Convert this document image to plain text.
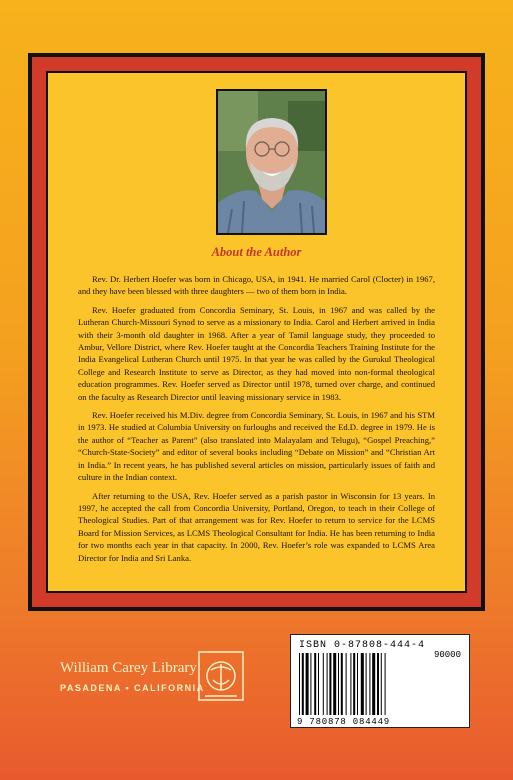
About the Author

Rev. Dr. Herbert Hoefer was born in Chicago, USA, in 1941. He married Carol (Clocter) in 1967, and they have been blessed with three daughters — two of them born in India.

Rev. Hoefer graduated from Concordia Seminary, St. Louis, in 1967 and was called by the Lutheran Church-Missouri Synod to serve as a missionary to India. Carol and Herbert arrived in India with their 3-month old daughter in 1968. After a year of Tamil language study, they proceeded to Ambur, Vellore District, where Rev. Hoefer taught at the Concordia Teachers Training Institute for the India Evangelical Lutheran Church until 1975. In that year he was called by the Gurukul Theological College and Research Institute to serve as Director, as they had moved into non-formal theological education programmes. Rev. Hoefer served as Director until 1978, turned over charge, and continued on the faculty as Research Director until leaving missionary service in 1983.

Rev. Hoefer received his M.Div. degree from Concordia Seminary, St. Louis, in 1967 and his STM in 1973. He studied at Columbia University on furloughs and received the Ed.D. degree in 1979. He is the author of “Teacher as Parent” (also translated into Malayalam and Telugu), “Gospel Preaching,” “Church-State-Society” and editor of several books including “Debate on Mission” and “Christian Art in India.” In recent years, he has published several articles on mission, particularly issues of faith and culture in the Indian context.

After returning to the USA, Rev. Hoefer served as a parish pastor in Wisconsin for 13 years. In 1997, he accepted the call from Concordia University, Portland, Oregon, to teach in their College of Theological Studies. Part of that arrangement was for Rev. Hoefer to return to service for the LCMS Board for Mission Services, as LCMS Theological Consultant for India. He has been returning to India for two months each year in that capacity. In 2000, Rev. Hoefer’s role was expanded to LCMS Area Director for India and Sri Lanka.

William Carey Library
PASADENA • CALIFORNIA
ISBN 0-87808-444-4
90000
9 780878 084449
